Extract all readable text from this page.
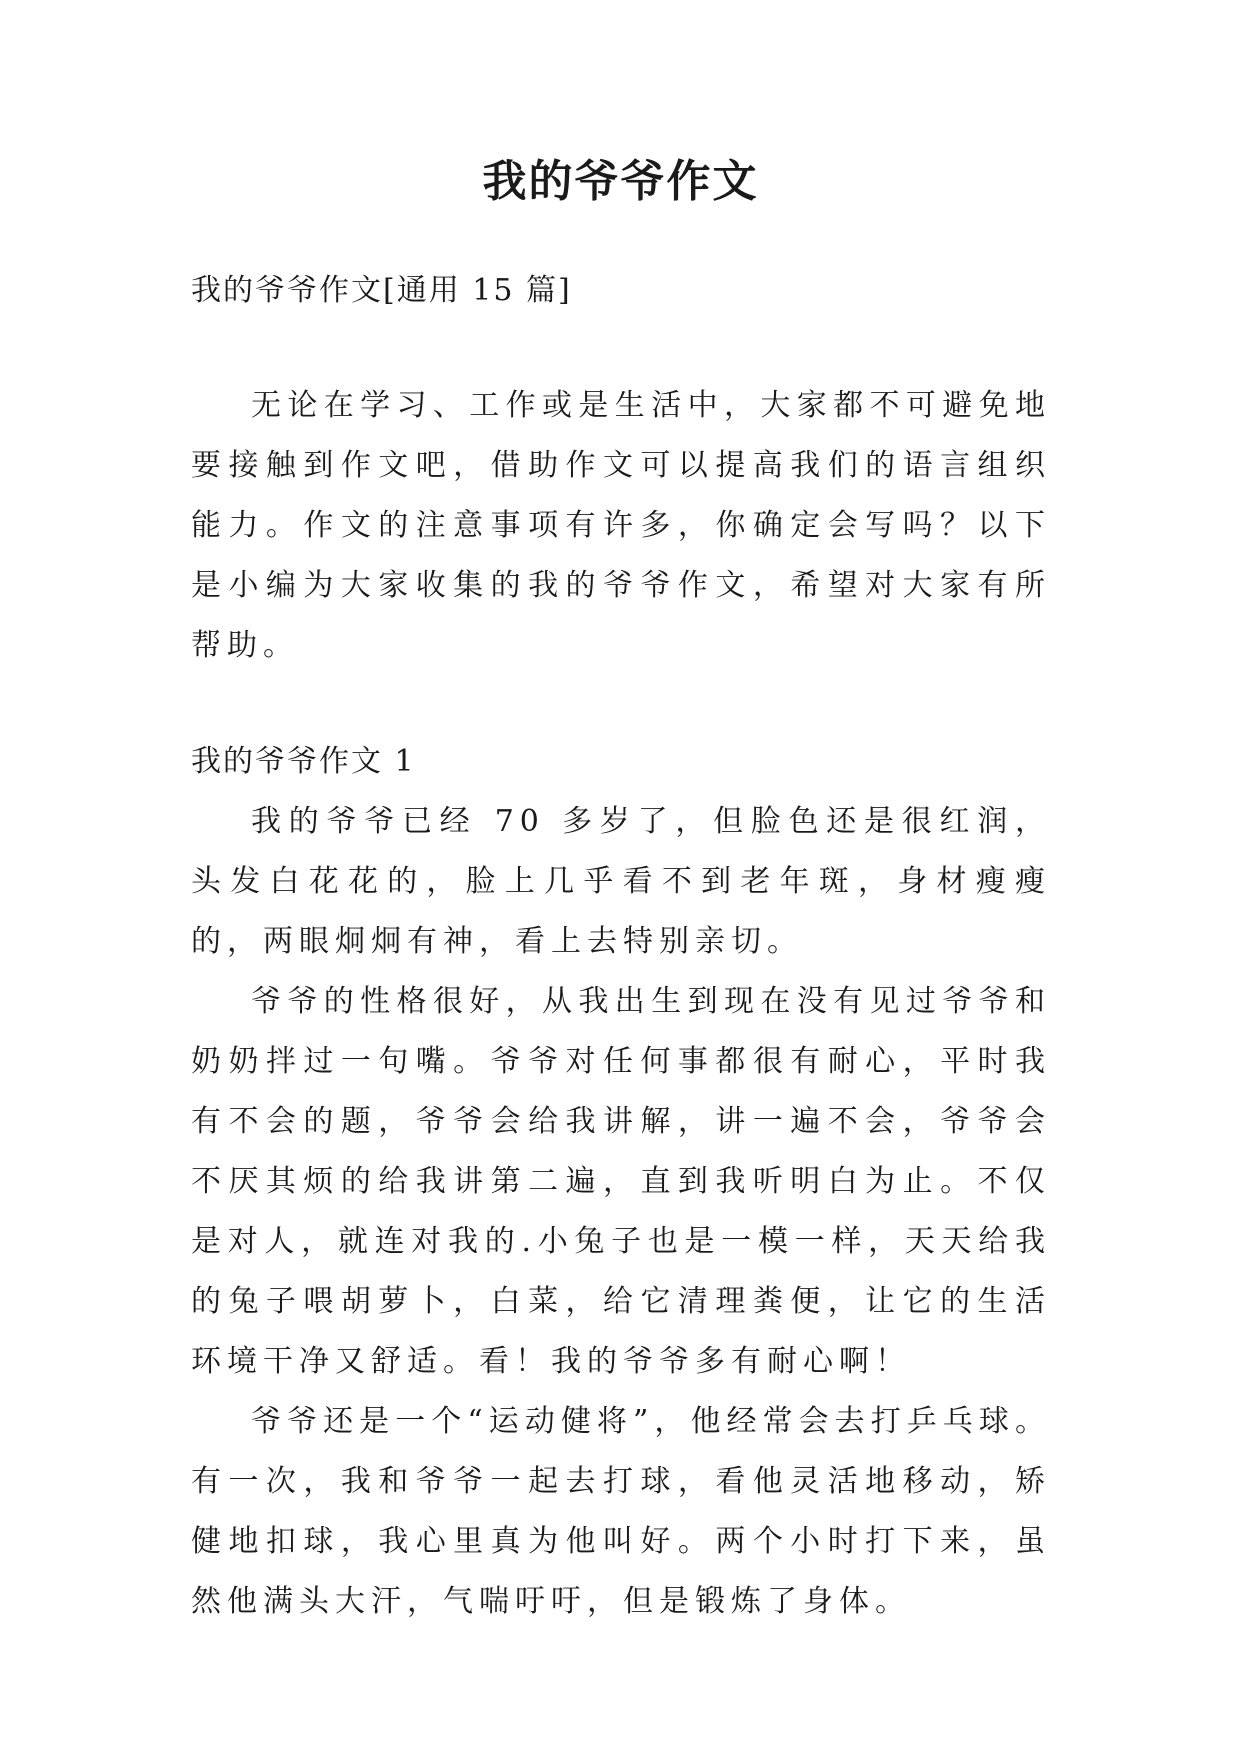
我的爷爷作文

我的爷爷作文[通用 15 篇]

无论在学习、工作或是生活中，大家都不可避免地要接触到作文吧，借助作文可以提高我们的语言组织能力。作文的注意事项有许多，你确定会写吗？以下是小编为大家收集的我的爷爷作文，希望对大家有所帮助。

我的爷爷作文 1

我的爷爷已经 70 多岁了，但脸色还是很红润，头发白花花的，脸上几乎看不到老年斑，身材瘦瘦的，两眼炯炯有神，看上去特别亲切。

爷爷的性格很好，从我出生到现在没有见过爷爷和奶奶拌过一句嘴。爷爷对任何事都很有耐心，平时我有不会的题，爷爷会给我讲解，讲一遍不会，爷爷会不厌其烦的给我讲第二遍，直到我听明白为止。不仅是对人，就连对我的.小兔子也是一模一样，天天给我的兔子喂胡萝卜，白菜，给它清理粪便，让它的生活环境干净又舒适。看！我的爷爷多有耐心啊！

爷爷还是一个“运动健将”，他经常会去打乒乓球。有一次，我和爷爷一起去打球，看他灵活地移动，矫健地扣球，我心里真为他叫好。两个小时打下来，虽然他满头大汗，气喘吁吁，但是锻炼了身体。
